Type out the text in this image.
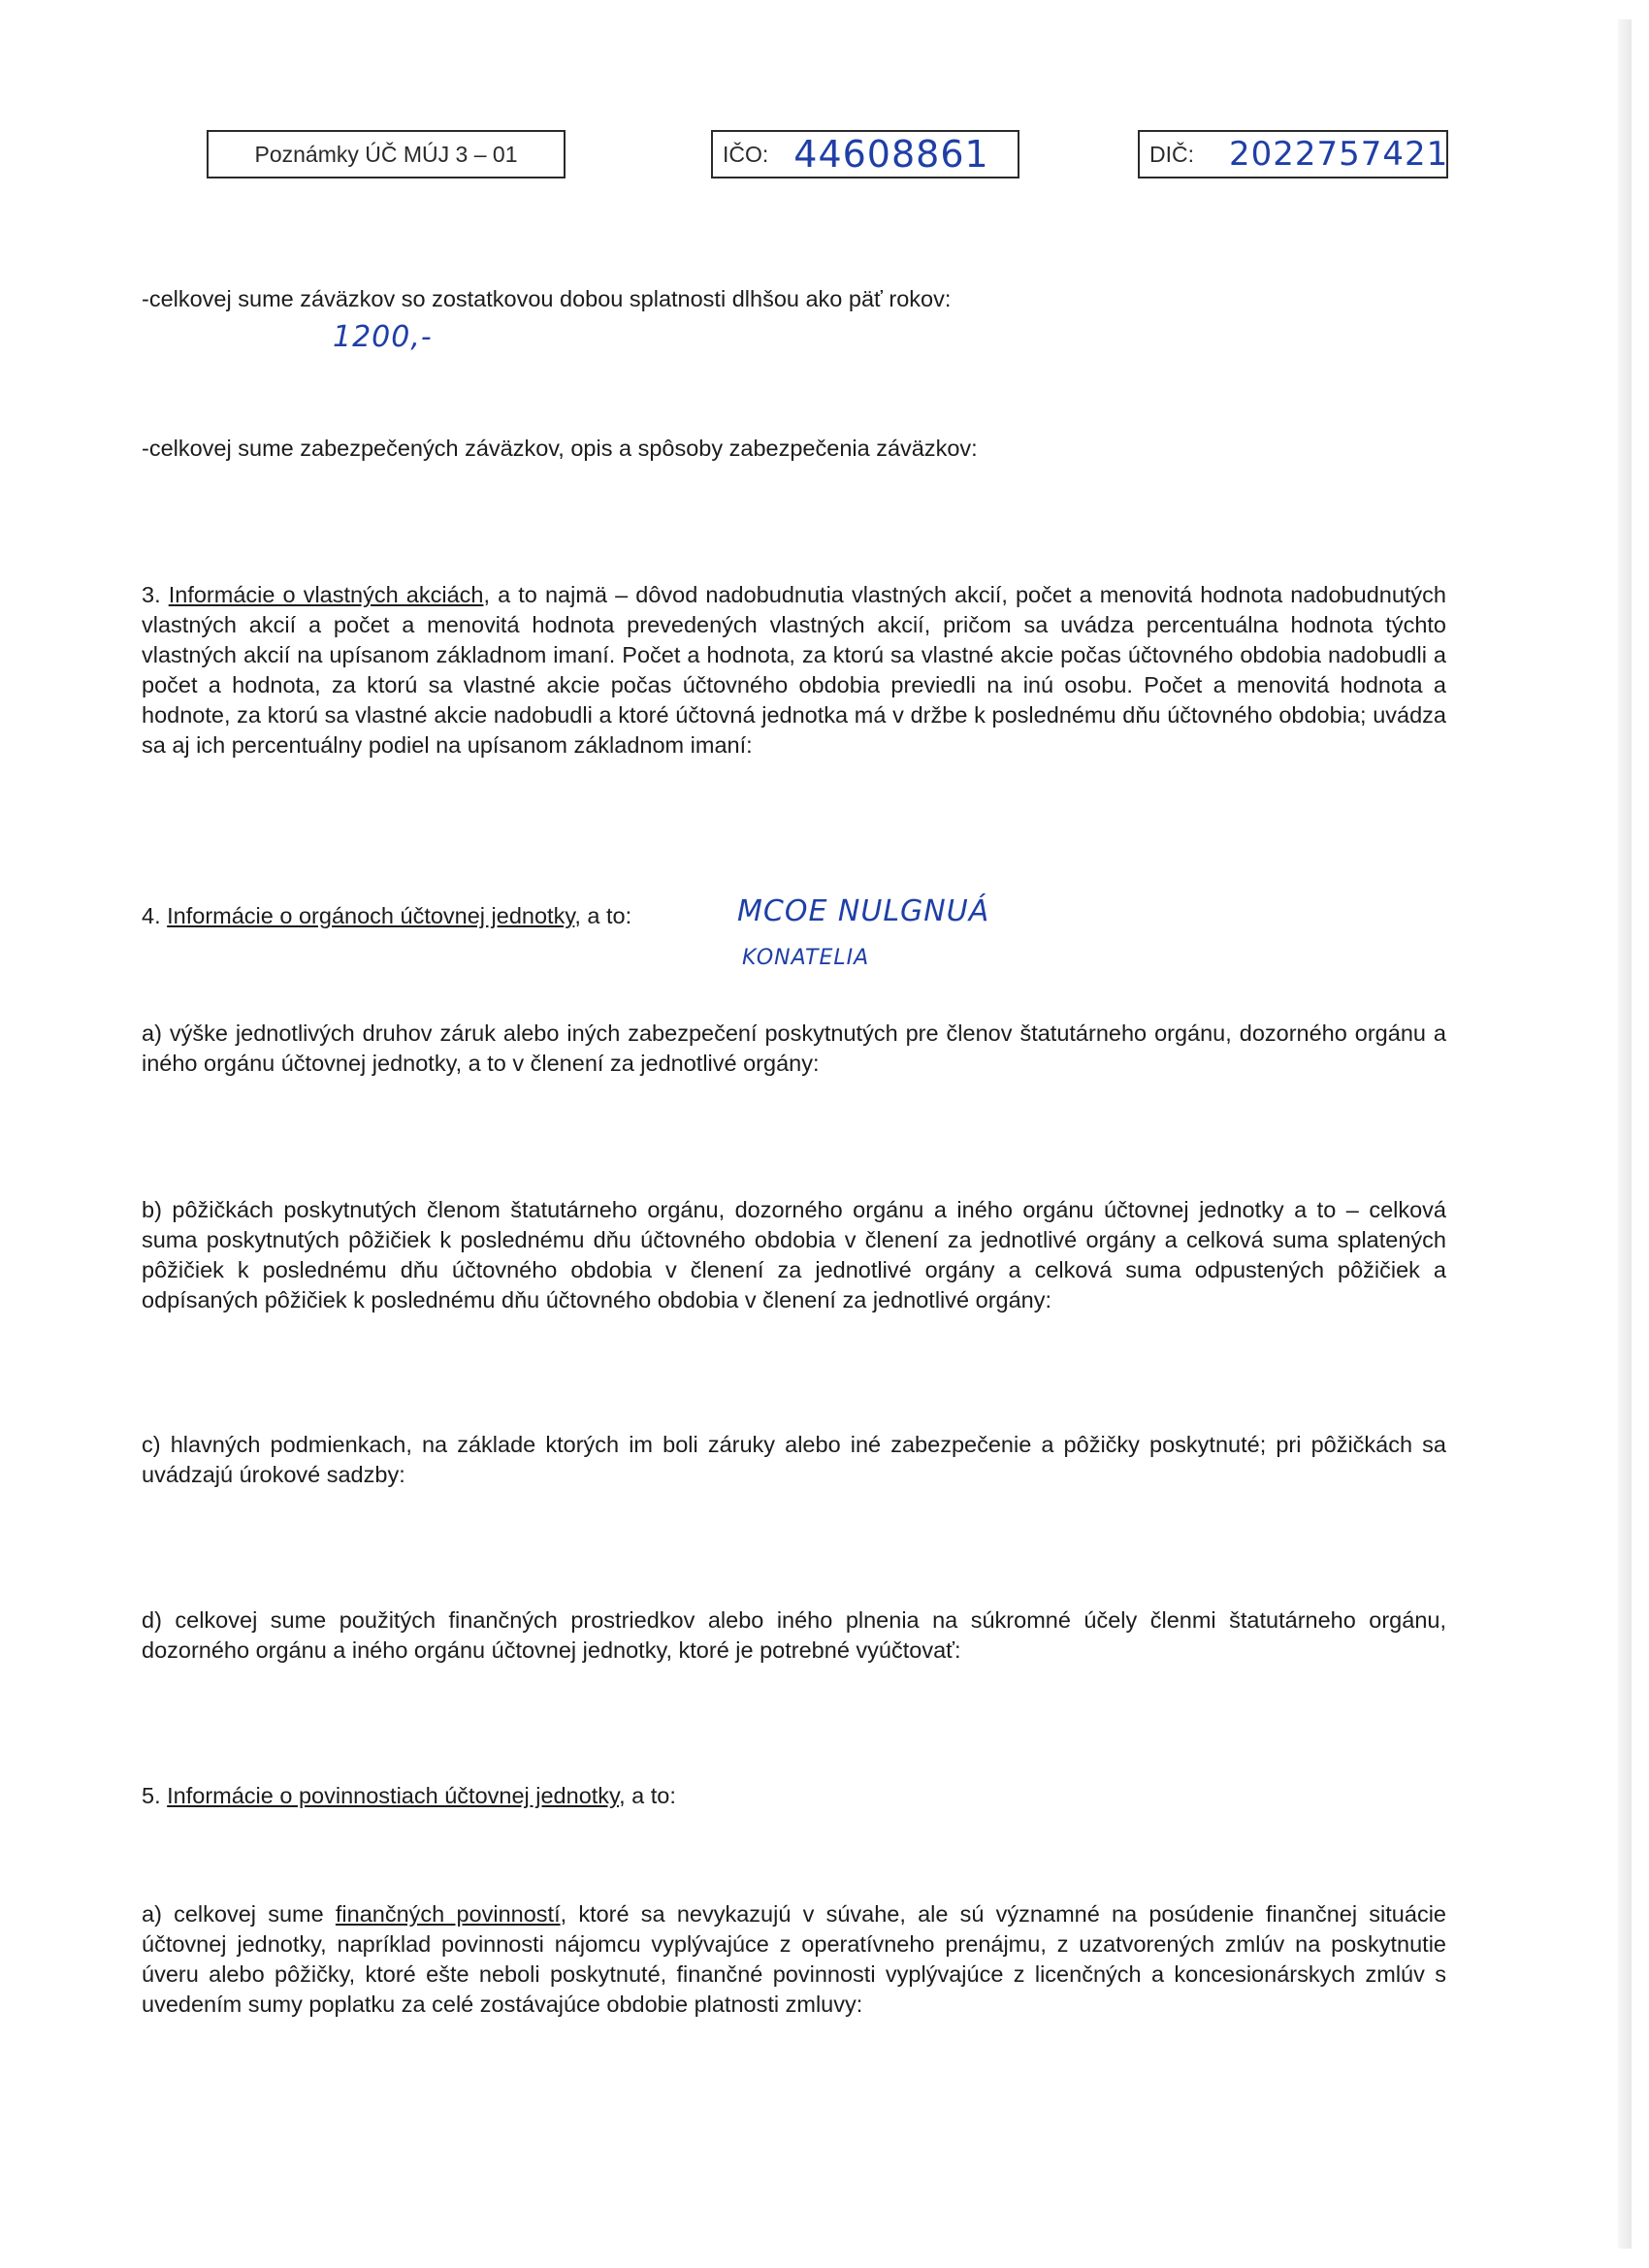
Poznámky ÚČ MÚJ 3 – 01	IČO: 44608861	DIČ: 2022757421
-celkovej sume záväzkov so zostatkovou dobou splatnosti dlhšou ako päť rokov:
1200,-
-celkovej sume zabezpečených záväzkov, opis a spôsoby zabezpečenia záväzkov:
3. Informácie o vlastných akciách, a to najmä – dôvod nadobudnutia vlastných akcií, počet a menovitá hodnota nadobudnutých vlastných akcií a počet a menovitá hodnota prevedených vlastných akcií, pričom sa uvádza percentuálna hodnota týchto vlastných akcií na upísanom základnom imaní. Počet a hodnota, za ktorú sa vlastné akcie počas účtovného obdobia nadobudli a počet a hodnota, za ktorú sa vlastné akcie počas účtovného obdobia previedli na inú osobu. Počet a menovitá hodnota a hodnote, za ktorú sa vlastné akcie nadobudli a ktoré účtovná jednotka má v držbe k poslednému dňu účtovného obdobia; uvádza sa aj ich percentuálny podiel na upísanom základnom imaní:
4. Informácie o orgánoch účtovnej jednotky, a to:	MCOE NULGNUÁ
KONATELIA
a) výške jednotlivých druhov záruk alebo iných zabezpečení poskytnutých pre členov štatutárneho orgánu, dozorného orgánu a iného orgánu účtovnej jednotky, a to v členení za jednotlivé orgány:
b) pôžičkách poskytnutých členom štatutárneho orgánu, dozorného orgánu a iného orgánu účtovnej jednotky a to – celková suma poskytnutých pôžičiek k poslednému dňu účtovného obdobia v členení za jednotlivé orgány a celková suma splatených pôžičiek k poslednému dňu účtovného obdobia v členení za jednotlivé orgány a celková suma odpustených pôžičiek a odpísaných pôžičiek k poslednému dňu účtovného obdobia v členení za jednotlivé orgány:
c) hlavných podmienkach, na základe ktorých im boli záruky alebo iné zabezpečenie a pôžičky poskytnuté; pri pôžičkách sa uvádzajú úrokové sadzby:
d) celkovej sume použitých finančných prostriedkov alebo iného plnenia na súkromné účely členmi štatutárneho orgánu, dozorného orgánu a iného orgánu účtovnej jednotky, ktoré je potrebné vyúčtovať:
5. Informácie o povinnostiach účtovnej jednotky, a to:
a) celkovej sume finančných povinností, ktoré sa nevykazujú v súvahe, ale sú významné na posúdenie finančnej situácie účtovnej jednotky, napríklad povinnosti nájomcu vyplývajúce z operatívneho prenájmu, z uzatvorených zmlúv na poskytnutie úveru alebo pôžičky, ktoré ešte neboli poskytnuté, finančné povinnosti vyplývajúce z licenčných a koncesionárskych zmlúv s uvedením sumy poplatku za celé zostávajúce obdobie platnosti zmluvy:
